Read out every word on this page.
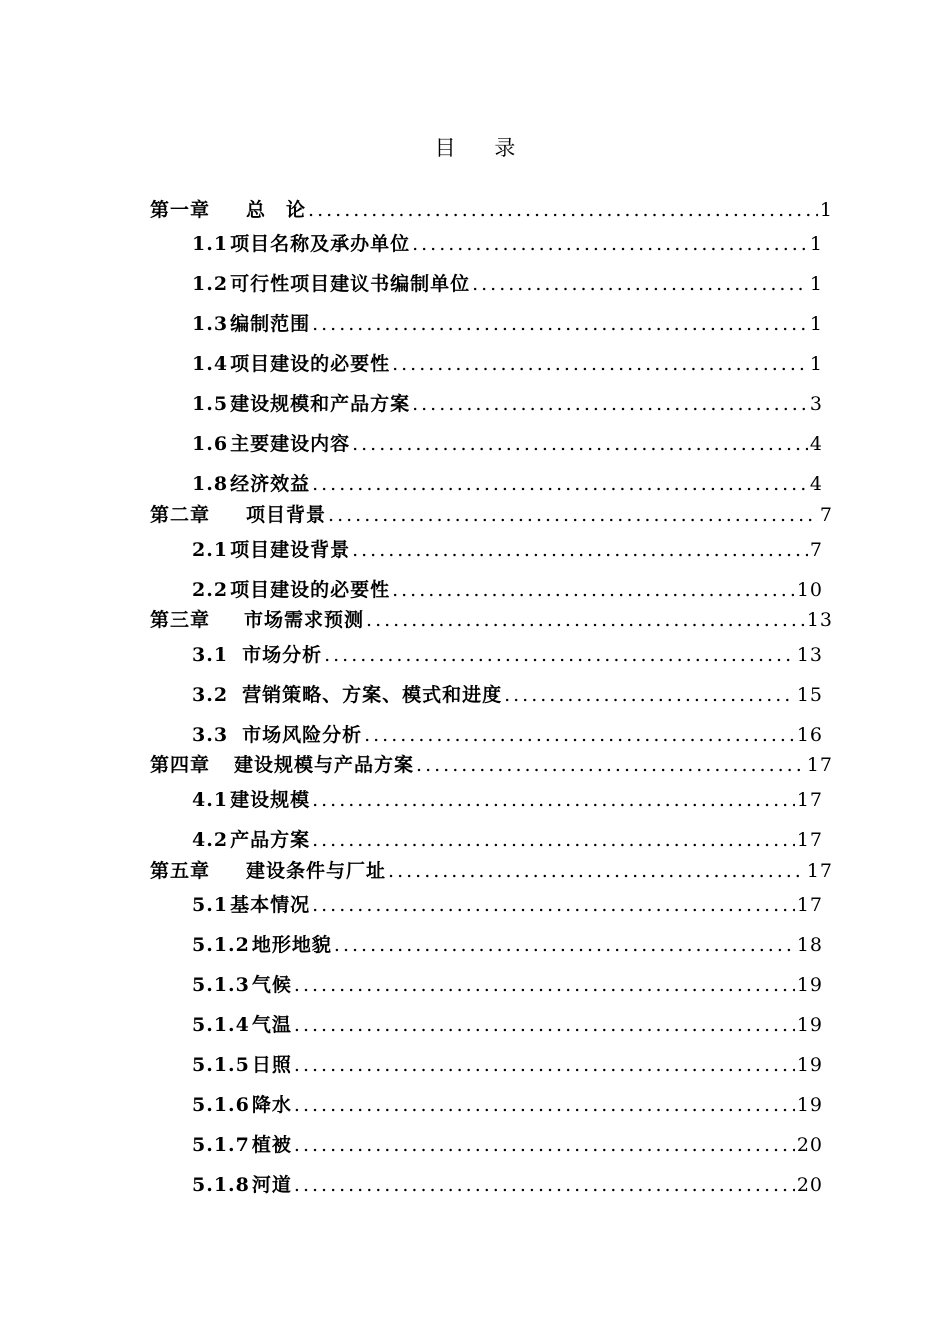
目 录
第一章 总　论 .....	1
1.1 项目名称及承办单位 .....	1
1.2 可行性项目建议书编制单位 .....	1
1.3 编制范围 .....	1
1.4 项目建设的必要性 .....	1
1.5 建设规模和产品方案 .....	3
1.6 主要建设内容 .....	4
1.8 经济效益 .....	4
第二章 项目背景 .....	7
2.1 项目建设背景 .....	7
2.2 项目建设的必要性 .....	10
第三章 市场需求预测 .....	13
3.1 市场分析 .....	13
3.2 营销策略、方案、模式和进度 .....	15
3.3 市场风险分析 .....	16
第四章 建设规模与产品方案 .....	17
4.1 建设规模 .....	17
4.2 产品方案 .....	17
第五章 建设条件与厂址 .....	17
5.1 基本情况 .....	17
5.1.2 地形地貌 .....	18
5.1.3 气候 .....	19
5.1.4 气温 .....	19
5.1.5 日照 .....	19
5.1.6 降水 .....	19
5.1.7 植被 .....	20
5.1.8 河道 .....	20
